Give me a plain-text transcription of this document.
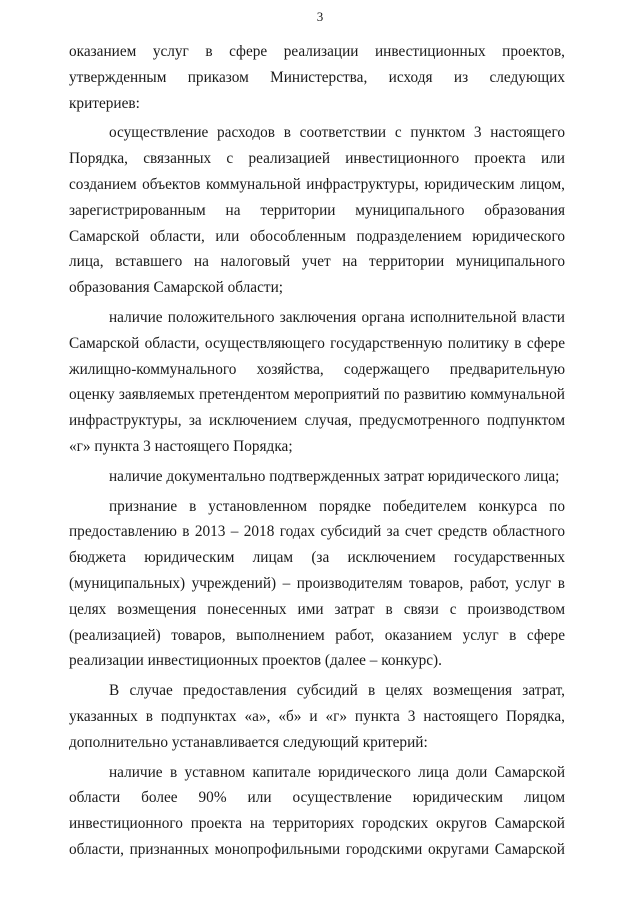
3

оказанием услуг в сфере реализации инвестиционных проектов, утвержденным приказом Министерства, исходя из следующих критериев:

осуществление расходов в соответствии с пунктом 3 настоящего Порядка, связанных с реализацией инвестиционного проекта или созданием объектов коммунальной инфраструктуры, юридическим лицом, зарегистрированным на территории муниципального образования Самарской области, или обособленным подразделением юридического лица, вставшего на налоговый учет на территории муниципального образования Самарской области;

наличие положительного заключения органа исполнительной власти Самарской области, осуществляющего государственную политику в сфере жилищно-коммунального хозяйства, содержащего предварительную оценку заявляемых претендентом мероприятий по развитию коммунальной инфраструктуры, за исключением случая, предусмотренного подпунктом «г» пункта 3 настоящего Порядка;

наличие документально подтвержденных затрат юридического лица;

признание в установленном порядке победителем конкурса по предоставлению в 2013 – 2018 годах субсидий за счет средств областного бюджета юридическим лицам (за исключением государственных (муниципальных) учреждений) – производителям товаров, работ, услуг в целях возмещения понесенных ими затрат в связи с производством (реализацией) товаров, выполнением работ, оказанием услуг в сфере реализации инвестиционных проектов (далее – конкурс).

В случае предоставления субсидий в целях возмещения затрат, указанных в подпунктах «а», «б» и «г» пункта 3 настоящего Порядка, дополнительно устанавливается следующий критерий:

наличие в уставном капитале юридического лица доли Самарской области более 90% или осуществление юридическим лицом инвестиционного проекта на территориях городских округов Самарской области, признанных монопрофильными городскими округами Самарской
